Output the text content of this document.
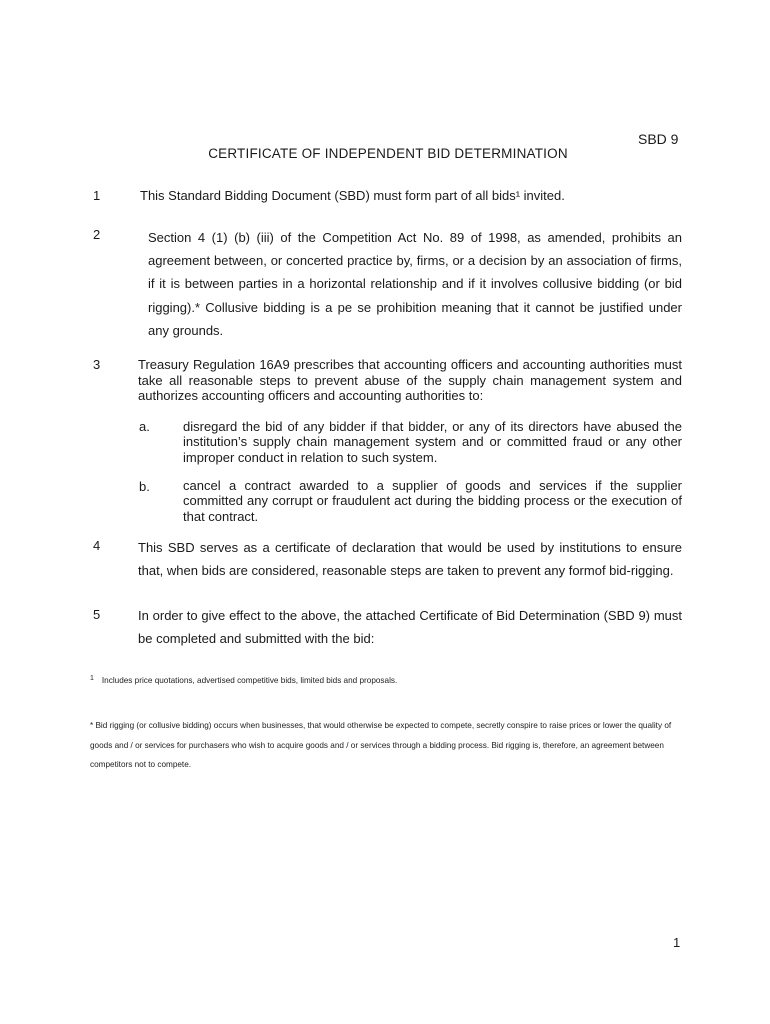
SBD 9
CERTIFICATE OF INDEPENDENT BID DETERMINATION
1	This Standard Bidding Document (SBD) must form part of all bids¹ invited.
2	Section 4 (1) (b) (iii) of the Competition Act No. 89 of 1998, as amended, prohibits an agreement between, or concerted practice by, firms, or a decision by an association of firms, if it is between parties in a horizontal relationship and if it involves collusive bidding (or bid rigging).* Collusive bidding is a pe se prohibition meaning that it cannot be justified under any grounds.
3	Treasury Regulation 16A9 prescribes that accounting officers and accounting authorities must take all reasonable steps to prevent abuse of the supply chain management system and authorizes accounting officers and accounting authorities to:
a.	disregard the bid of any bidder if that bidder, or any of its directors have abused the institution’s supply chain management system and or committed fraud or any other improper conduct in relation to such system.
b.	cancel a contract awarded to a supplier of goods and services if the supplier committed any corrupt or fraudulent act during the bidding process or the execution of that contract.
4	This SBD serves as a certificate of declaration that would be used by institutions to ensure that, when bids are considered, reasonable steps are taken to prevent any formof bid-rigging.
5	In order to give effect to the above, the attached Certificate of Bid Determination (SBD 9) must be completed and submitted with the bid:
$^1$ Includes price quotations, advertised competitive bids, limited bids and proposals.
* Bid rigging (or collusive bidding) occurs when businesses, that would otherwise be expected to compete, secretly conspire to raise prices or lower the quality of goods and / or services for purchasers who wish to acquire goods and / or services through a bidding process. Bid rigging is, therefore, an agreement between competitors not to compete.
1
